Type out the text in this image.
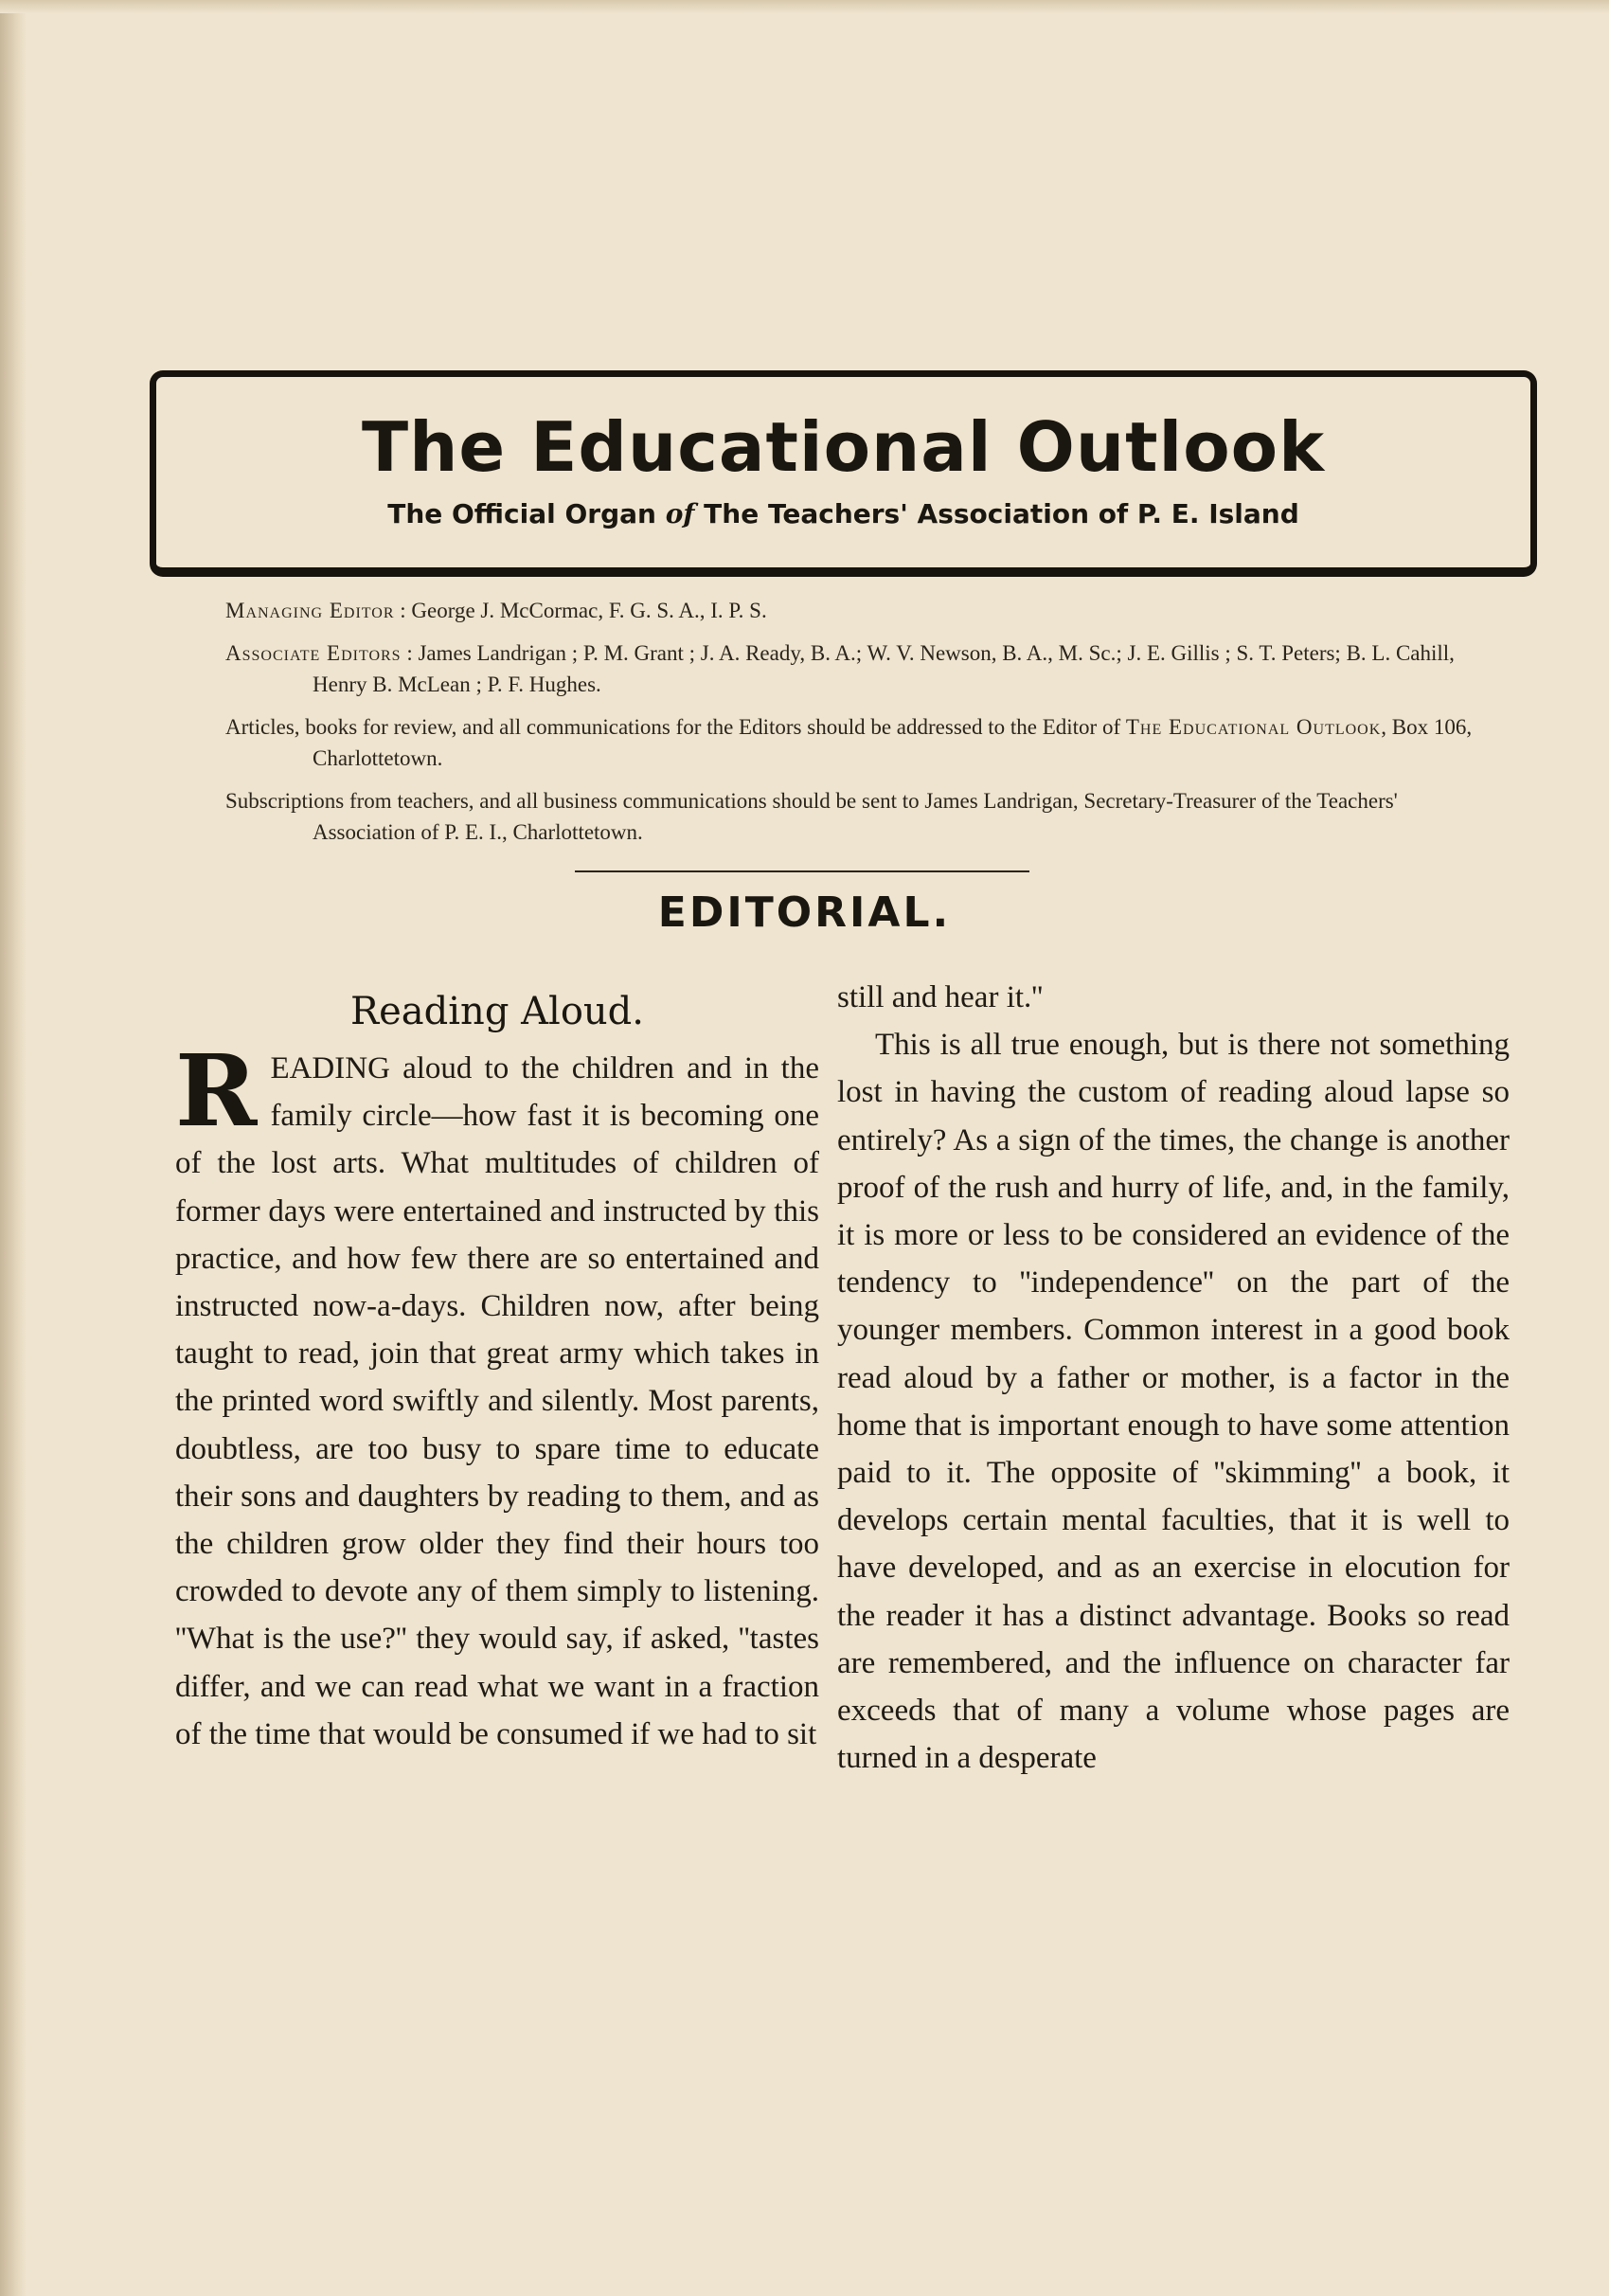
The Educational Outlook
The Official Organ of The Teachers' Association of P. E. Island

Managing Editor : George J. McCormac, F. G. S. A., I. P. S.

Associate Editors : James Landrigan ; P. M. Grant ; J. A. Ready, B. A.; W. V. Newson, B. A., M. Sc.; J. E. Gillis ; S. T. Peters; B. L. Cahill, Henry B. McLean ; P. F. Hughes.

Articles, books for review, and all communications for the Editors should be addressed to the Editor of The Educational Outlook, Box 106, Charlottetown.

Subscriptions from teachers, and all business communications should be sent to James Landrigan, Secretary-Treasurer of the Teachers' Association of P. E. I., Charlottetown.

EDITORIAL.
Reading Aloud.

READING aloud to the children and in the family circle—how fast it is becoming one of the lost arts. What multitudes of children of former days were entertained and instructed by this practice, and how few there are so entertained and instructed now-a-days. Children now, after being taught to read, join that great army which takes in the printed word swiftly and silently. Most parents, doubtless, are too busy to spare time to educate their sons and daughters by reading to them, and as the children grow older they find their hours too crowded to devote any of them simply to listening. ''What is the use?'' they would say, if asked, ''tastes differ, and we can read what we want in a fraction of the time that would be consumed if we had to sit

still and hear it.''

This is all true enough, but is there not something lost in having the custom of reading aloud lapse so entirely? As a sign of the times, the change is another proof of the rush and hurry of life, and, in the family, it is more or less to be considered an evidence of the tendency to ''independence'' on the part of the younger members. Common interest in a good book read aloud by a father or mother, is a factor in the home that is important enough to have some attention paid to it. The opposite of ''skimming'' a book, it develops certain mental faculties, that it is well to have developed, and as an exercise in elocution for the reader it has a distinct advantage. Books so read are remembered, and the influence on character far exceeds that of many a volume whose pages are turned in a desperate
